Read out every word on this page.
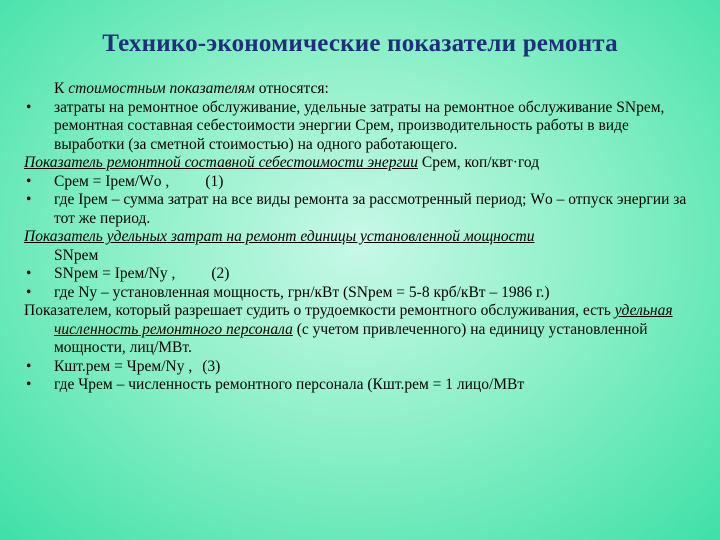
Технико-экономические показатели ремонта

К стоимостным показателям относятся:

•	затраты на ремонтное обслуживание, удельные затраты на ремонтное обслуживание SNрем, ремонтная составная себестоимости энергии Срем, производительность работы в виде выработки (за сметной стоимостью) на одного работающего.

Показатель ремонтной составной себестоимости энергии Срем, коп/квт·год

•	Срем = Ірем/Wо , (1)
•	где Ірем – сумма затрат на все виды ремонта за рассмотренный период; Wо – отпуск энергии за тот же период.

Показатель удельных затрат на ремонт единицы установленной мощности
SNрем

•	SNрем = Ірем/Ny , (2)
•	где Ny – установленная мощность, грн/кВт (SNрем = 5-8 крб/кВт – 1986 г.)

Показателем, который разрешает судить о трудоемкости ремонтного обслуживания, есть удельная численность ремонтного персонала (с учетом привлеченного) на единицу установленной мощности, лиц/МВт.

•	Кшт.рем = Чрем/Ny , (3)
•	где Чрем – численность ремонтного персонала (Кшт.рем = 1 лицо/МВт
